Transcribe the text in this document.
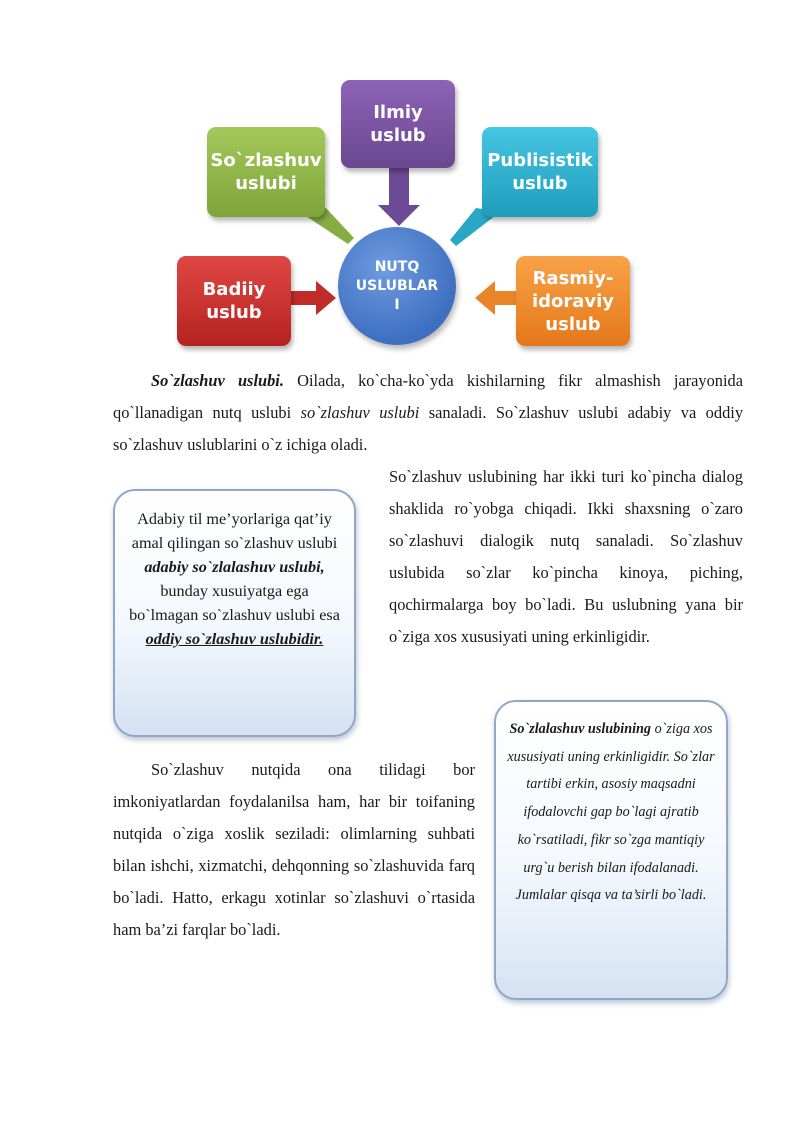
Ilmiy
uslub
So`zlashuv
uslubi
Publisistik
uslub
Badiiy
uslub
Rasmiy-
idoraviy
uslub
NUTQ
USLUBLAR
I

So`zlashuv uslubi. Oilada, ko`cha-ko`yda kishilarning fikr almashish jarayonida qo`llanadigan nutq uslubi so`zlashuv uslubi sanaladi. So`zlashuv uslubi adabiy va oddiy so`zlashuv uslublarini o`z ichiga oladi.

Adabiy til me’yorlariga qat’iy amal qilingan so`zlashuv uslubi adabiy so`zlalashuv uslubi, bunday xusuiyatga ega bo`lmagan so`zlashuv uslubi esa oddiy so`zlashuv uslubidir.

So`zlashuv uslubining har ikki turi ko`pincha dialog shaklida ro`yobga chiqadi. Ikki shaxsning o`zaro so`zlashuvi dialogik nutq sanaladi. So`zlashuv uslubida so`zlar ko`pincha kinoya, piching, qochirmalarga boy bo`ladi. Bu uslubning yana bir o`ziga xos xususiyati uning erkinligidir.

So`zlalashuv uslubining o`ziga xos xususiyati uning erkinligidir. So`zlar tartibi erkin, asosiy maqsadni ifodalovchi gap bo`lagi ajratib ko`rsatiladi, fikr so`zga mantiqiy urg`u berish bilan ifodalanadi. Jumlalar qisqa va ta’sirli bo`ladi.

So`zlashuv nutqida ona tilidagi bor imkoniyatlardan foydalanilsa ham, har bir toifaning nutqida o`ziga xoslik seziladi: olimlarning suhbati bilan ishchi, xizmatchi, dehqonning so`zlashuvida farq bo`ladi. Hatto, erkagu xotinlar so`zlashuvi o`rtasida ham ba’zi farqlar bo`ladi.
